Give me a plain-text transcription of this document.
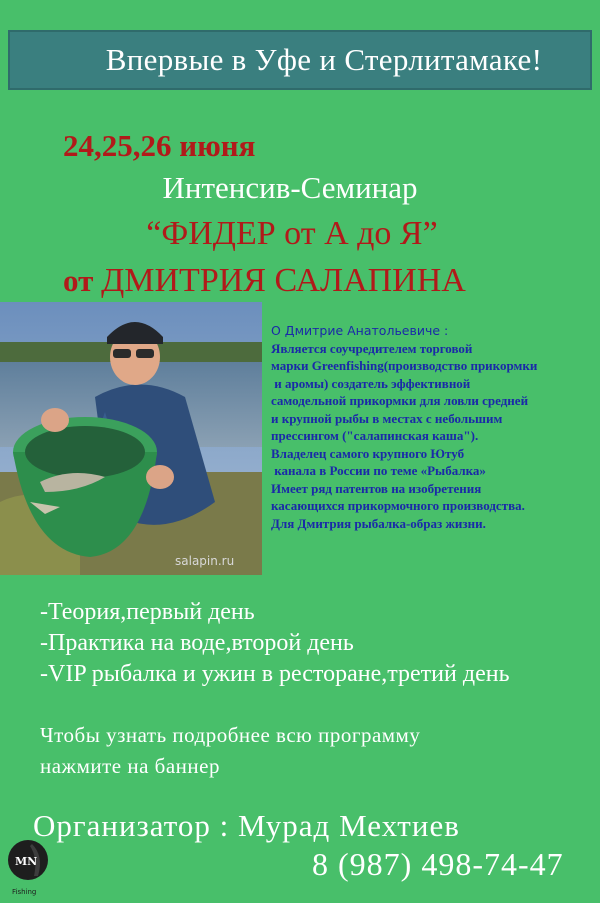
Впервые в Уфе и Стерлитамаке!
24,25,26 июня
Интенсив-Семинар
“ФИДЕР от А до Я”
от ДМИТРИЯ САЛАПИНА
salapin.ru
О Дмитрие Анатольевиче :
Является соучредителем торговой
марки Greenfishing(производство прикормки
и аромы) создатель эффективной
самодельной прикормки для ловли средней
и крупной рыбы в местах с небольшим
прессингом ("салапинская каша").
Владелец самого крупного Ютуб
канала в России по теме «Рыбалка»
Имеет ряд патентов на изобретения
касающихся прикормочного производства.
Для Дмитрия рыбалка-образ жизни.
-Теория,первый день
-Практика на воде,второй день
-VIP рыбалка и ужин в ресторане,третий день
Чтобы узнать подробнее всю программу
нажмите на баннер
Организатор : Мурад Мехтиев
8 (987) 498-74-47
MN
Fishing
